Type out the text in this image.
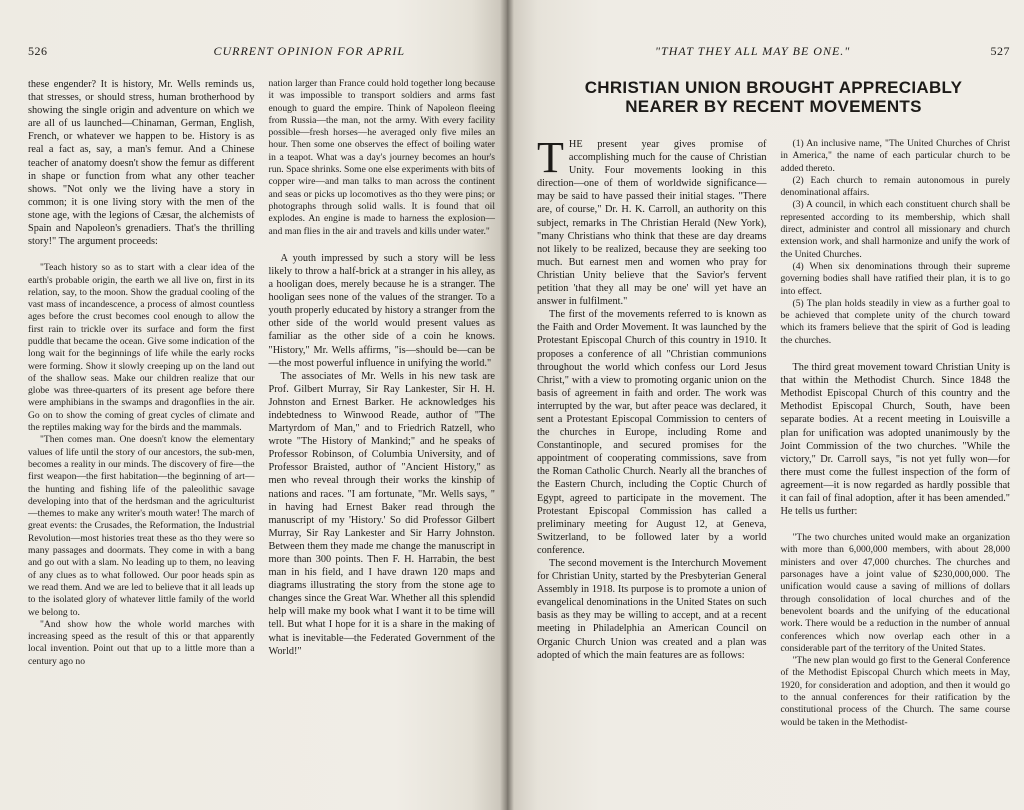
526	CURRENT OPINION FOR APRIL

these engender? It is history, Mr. Wells reminds us, that stresses, or should stress, human brotherhood by showing the single origin and adventure on which we are all of us launched—Chinaman, German, English, French, or whatever we happen to be. History is as real a fact as, say, a man's femur. And a Chinese teacher of anatomy doesn't show the femur as different in shape or function from what any other teacher shows. "Not only we the living have a story in common; it is one living story with the men of the stone age, with the legions of Cæsar, the alchemists of Spain and Napoleon's grenadiers. That's the thrilling story!" The argument proceeds:

"Teach history so as to start with a clear idea of the earth's probable origin, the earth we all live on, first in its relation, say, to the moon. Show the gradual cooling of the vast mass of incandescence, a process of almost countless ages before the crust becomes cool enough to allow the first rain to trickle over its surface and form the first puddle that became the ocean. Give some indication of the long wait for the beginnings of life while the early rocks were forming. Show it slowly creeping up on the land out of the shallow seas. Make our children realize that our globe was three-quarters of its present age before there were amphibians in the swamps and dragonflies in the air. Go on to show the coming of great cycles of climate and the reptiles making way for the birds and the mammals.

"Then comes man. One doesn't know the elementary values of life until the story of our ancestors, the sub-men, becomes a reality in our minds. The discovery of fire—the first weapon—the first habitation—the beginning of art—the hunting and fishing life of the paleolithic savage developing into that of the herdsman and the agriculturist—themes to make any writer's mouth water! The march of great events: the Crusades, the Reformation, the Industrial Revolution—most histories treat these as tho they were so many passages and doormats. They come in with a bang and go out with a slam. No leading up to them, no leaving of any clues as to what followed. Our poor heads spin as we read them. And we are led to believe that it all leads up to the isolated glory of whatever little family of the world we belong to.

"And show how the whole world marches with increasing speed as the result of this or that apparently local invention. Point out that up to a little more than a century ago no

nation larger than France could hold together long because it was impossible to transport soldiers and arms fast enough to guard the empire. Think of Napoleon fleeing from Russia—the man, not the army. With every facility possible—fresh horses—he averaged only five miles an hour. Then some one observes the effect of boiling water in a teapot. What was a day's journey becomes an hour's run. Space shrinks. Some one else experiments with bits of copper wire—and man talks to man across the continent and seas or picks up locomotives as tho they were pins; or photographs through solid walls. It is found that oil explodes. An engine is made to harness the explosion—and man flies in the air and travels and kills under water."

A youth impressed by such a story will be less likely to throw a half-brick at a stranger in his alley, as a hooligan does, merely because he is a stranger. The hooligan sees none of the values of the stranger. To a youth properly educated by history a stranger from the other side of the world would present values as familiar as the other side of a coin he knows. "History," Mr. Wells affirms, "is—should be—can be—the most powerful influence in unifying the world."

The associates of Mr. Wells in his new task are Prof. Gilbert Murray, Sir Ray Lankester, Sir H. H. Johnston and Ernest Barker. He acknowledges his indebtedness to Winwood Reade, author of "The Martyrdom of Man," and to Friedrich Ratzell, who wrote "The History of Mankind;" and he speaks of Professor Robinson, of Columbia University, and of Professor Braisted, author of "Ancient History," as men who reveal through their works the kinship of nations and races. "I am fortunate, "Mr. Wells says, " in having had Ernest Baker read through the manuscript of my 'History.' So did Professor Gilbert Murray, Sir Ray Lankester and Sir Harry Johnston. Between them they made me change the manuscript in more than 300 points. Then F. H. Harrabin, the best man in his field, and I have drawn 120 maps and diagrams illustrating the story from the stone age to changes since the Great War. Whether all this splendid help will make my book what I want it to be time will tell. But what I hope for it is a share in the making of what is inevitable—the Federated Government of the World!"

"THAT THEY ALL MAY BE ONE."	527
CHRISTIAN UNION BROUGHT APPRECIABLY
NEARER BY RECENT MOVEMENTS

THE present year gives promise of accomplishing much for the cause of Christian Unity. Four movements looking in this direction—one of them of worldwide significance—may be said to have passed their initial stages. "There are, of course," Dr. H. K. Carroll, an authority on this subject, remarks in The Christian Herald (New York), "many Christians who think that these are day dreams not likely to be realized, because they are seeking too much. But earnest men and women who pray for Christian Unity believe that the Savior's fervent petition 'that they all may be one' will yet have an answer in fulfilment."

The first of the movements referred to is known as the Faith and Order Movement. It was launched by the Protestant Episcopal Church of this country in 1910. It proposes a conference of all "Christian communions throughout the world which confess our Lord Jesus Christ," with a view to promoting organic union on the basis of agreement in faith and order. The work was interrupted by the war, but after peace was declared, it sent a Protestant Episcopal Commission to centers of the churches in Europe, including Rome and Constantinople, and secured promises for the appointment of cooperating commissions, save from the Roman Catholic Church. Nearly all the branches of the Eastern Church, including the Coptic Church of Egypt, agreed to participate in the movement. The Protestant Episcopal Commission has called a preliminary meeting for August 12, at Geneva, Switzerland, to be followed later by a world conference.

The second movement is the Interchurch Movement for Christian Unity, started by the Presbyterian General Assembly in 1918. Its purpose is to promote a union of evangelical denominations in the United States on such basis as they may be willing to accept, and at a recent meeting in Philadelphia an American Council on Organic Church Union was created and a plan was adopted of which the main features are as follows:

(1) An inclusive name, "The United Churches of Christ in America," the name of each particular church to be added thereto.

(2) Each church to remain autonomous in purely denominational affairs.

(3) A council, in which each constituent church shall be represented according to its membership, which shall direct, administer and control all missionary and church extension work, and shall harmonize and unify the work of the United Churches.

(4) When six denominations through their supreme governing bodies shall have ratified their plan, it is to go into effect.

(5) The plan holds steadily in view as a further goal to be achieved that complete unity of the church toward which its framers believe that the spirit of God is leading the churches.

The third great movement toward Christian Unity is that within the Methodist Church. Since 1848 the Methodist Episcopal Church of this country and the Methodist Episcopal Church, South, have been separate bodies. At a recent meeting in Louisville a plan for unification was adopted unanimously by the Joint Commission of the two churches. "While the victory," Dr. Carroll says, "is not yet fully won—for there must come the fullest inspection of the form of agreement—it is now regarded as hardly possible that it can fail of final adoption, after it has been amended." He tells us further:

"The two churches united would make an organization with more than 6,000,000 members, with about 28,000 ministers and over 47,000 churches. The churches and parsonages have a joint value of $230,000,000. The unification would cause a saving of millions of dollars through consolidation of local churches and of the benevolent boards and the unifying of the educational work. There would be a reduction in the number of annual conferences which now overlap each other in a considerable part of the territory of the United States.

"The new plan would go first to the General Conference of the Methodist Episcopal Church which meets in May, 1920, for consideration and adoption, and then it would go to the annual conferences for their ratification by the constitutional process of the Church. The same course would be taken in the Methodist-
